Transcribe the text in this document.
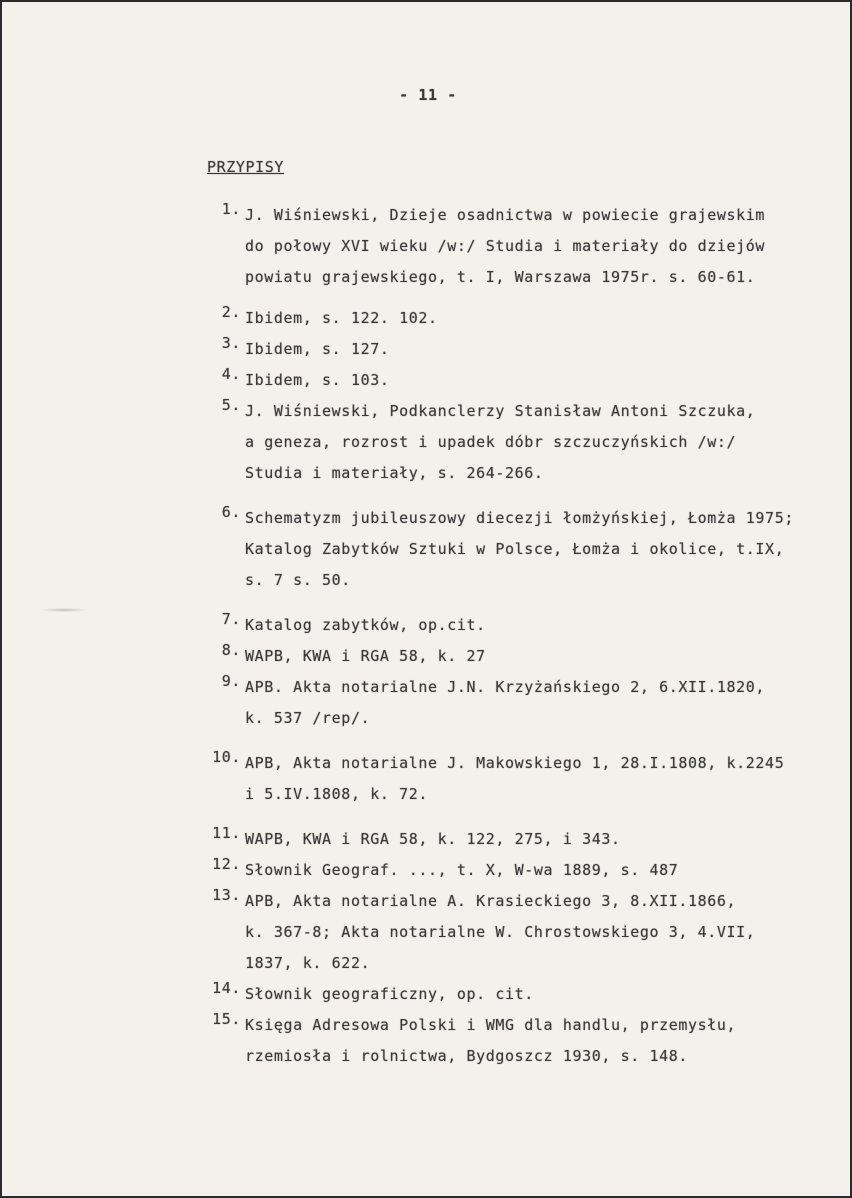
- 11 -
PRZYPISY
1. J. Wiśniewski, Dzieje osadnictwa w powiecie grajewskim
do połowy XVI wieku /w:/ Studia i materiały do dziejów
powiatu grajewskiego, t. I, Warszawa 1975r. s. 60-61.
2. Ibidem, s. 122. 102.
3. Ibidem, s. 127.
4. Ibidem, s. 103.
5. J. Wiśniewski, Podkanclerzy Stanisław Antoni Szczuka,
a geneza, rozrost i upadek dóbr szczuczyńskich /w:/
Studia i materiały, s. 264-266.
6. Schematyzm jubileuszowy diecezji łomżyńskiej, Łomża 1975;
Katalog Zabytków Sztuki w Polsce, Łomża i okolice, t.IX,
s. 7 s. 50.
7. Katalog zabytków, op.cit.
8. WAPB, KWA i RGA 58, k. 27
9. APB. Akta notarialne J.N. Krzyżańskiego 2, 6.XII.1820,
k. 537 /rep/.
10. APB, Akta notarialne J. Makowskiego 1, 28.I.1808, k.2245
i 5.IV.1808, k. 72.
11. WAPB, KWA i RGA 58, k. 122, 275, i 343.
12. Słownik Geograf. ..., t. X, W-wa 1889, s. 487
13. APB, Akta notarialne A. Krasieckiego 3, 8.XII.1866,
k. 367-8; Akta notarialne W. Chrostowskiego 3, 4.VII,
1837, k. 622.
14. Słownik geograficzny, op. cit.
15. Księga Adresowa Polski i WMG dla handlu, przemysłu,
rzemiosła i rolnictwa, Bydgoszcz 1930, s. 148.
